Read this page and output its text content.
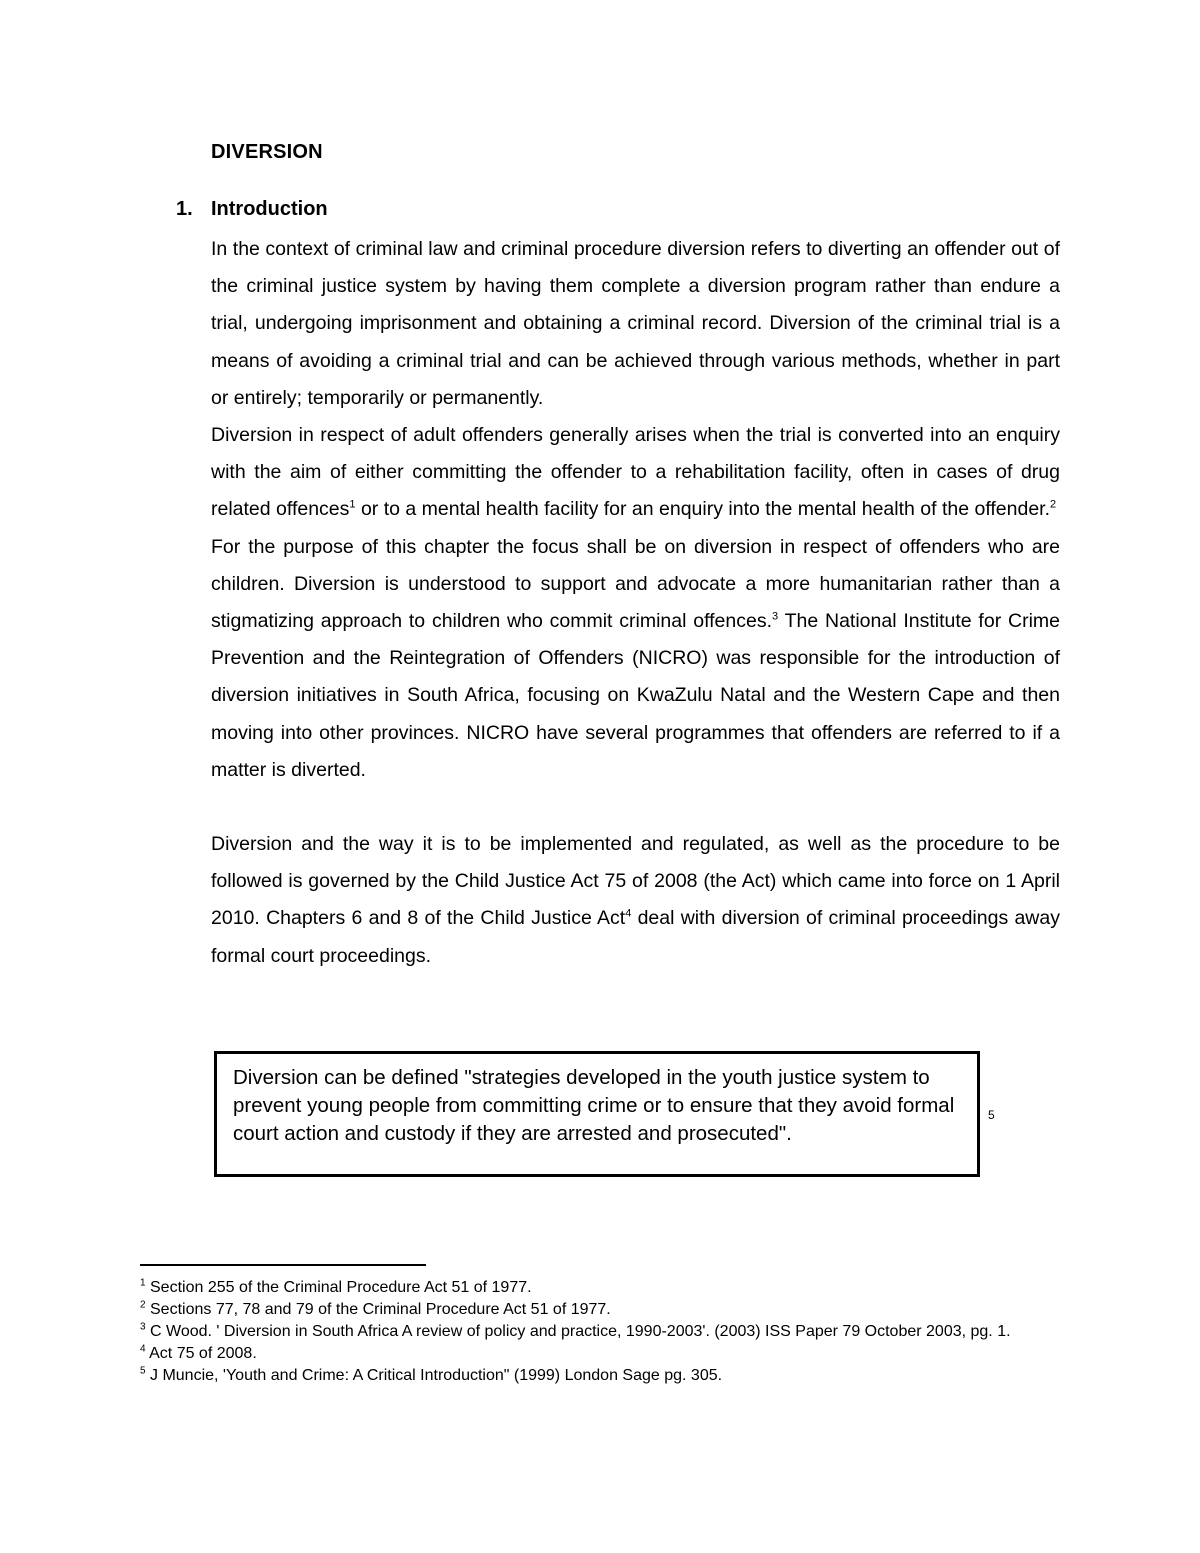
DIVERSION
1. Introduction

In the context of criminal law and criminal procedure diversion refers to diverting an offender out of the criminal justice system by having them complete a diversion program rather than endure a trial, undergoing imprisonment and obtaining a criminal record. Diversion of the criminal trial is a means of avoiding a criminal trial and can be achieved through various methods, whether in part or entirely; temporarily or permanently.

Diversion in respect of adult offenders generally arises when the trial is converted into an enquiry with the aim of either committing the offender to a rehabilitation facility, often in cases of drug related offences$^1$ or to a mental health facility for an enquiry into the mental health of the offender.$^2$

For the purpose of this chapter the focus shall be on diversion in respect of offenders who are children. Diversion is understood to support and advocate a more humanitarian rather than a stigmatizing approach to children who commit criminal offences.$^3$ The National Institute for Crime Prevention and the Reintegration of Offenders (NICRO) was responsible for the introduction of diversion initiatives in South Africa, focusing on KwaZulu Natal and the Western Cape and then moving into other provinces. NICRO have several programmes that offenders are referred to if a matter is diverted.

Diversion and the way it is to be implemented and regulated, as well as the procedure to be followed is governed by the Child Justice Act 75 of 2008 (the Act) which came into force on 1 April 2010. Chapters 6 and 8 of the Child Justice Act$^4$ deal with diversion of criminal proceedings away formal court proceedings.

Diversion can be defined "strategies developed in the youth justice system to prevent young people from committing crime or to ensure that they avoid formal court action and custody if they are arrested and prosecuted".
5

$^1$ Section 255 of the Criminal Procedure Act 51 of 1977.

$^2$ Sections 77, 78 and 79 of the Criminal Procedure Act 51 of 1977.

$^3$ C Wood. ' Diversion in South Africa A review of policy and practice, 1990-2003'. (2003) ISS Paper 79 October 2003, pg. 1.

$^4$ Act 75 of 2008.

$^5$ J Muncie, 'Youth and Crime: A Critical Introduction" (1999) London Sage pg. 305.
